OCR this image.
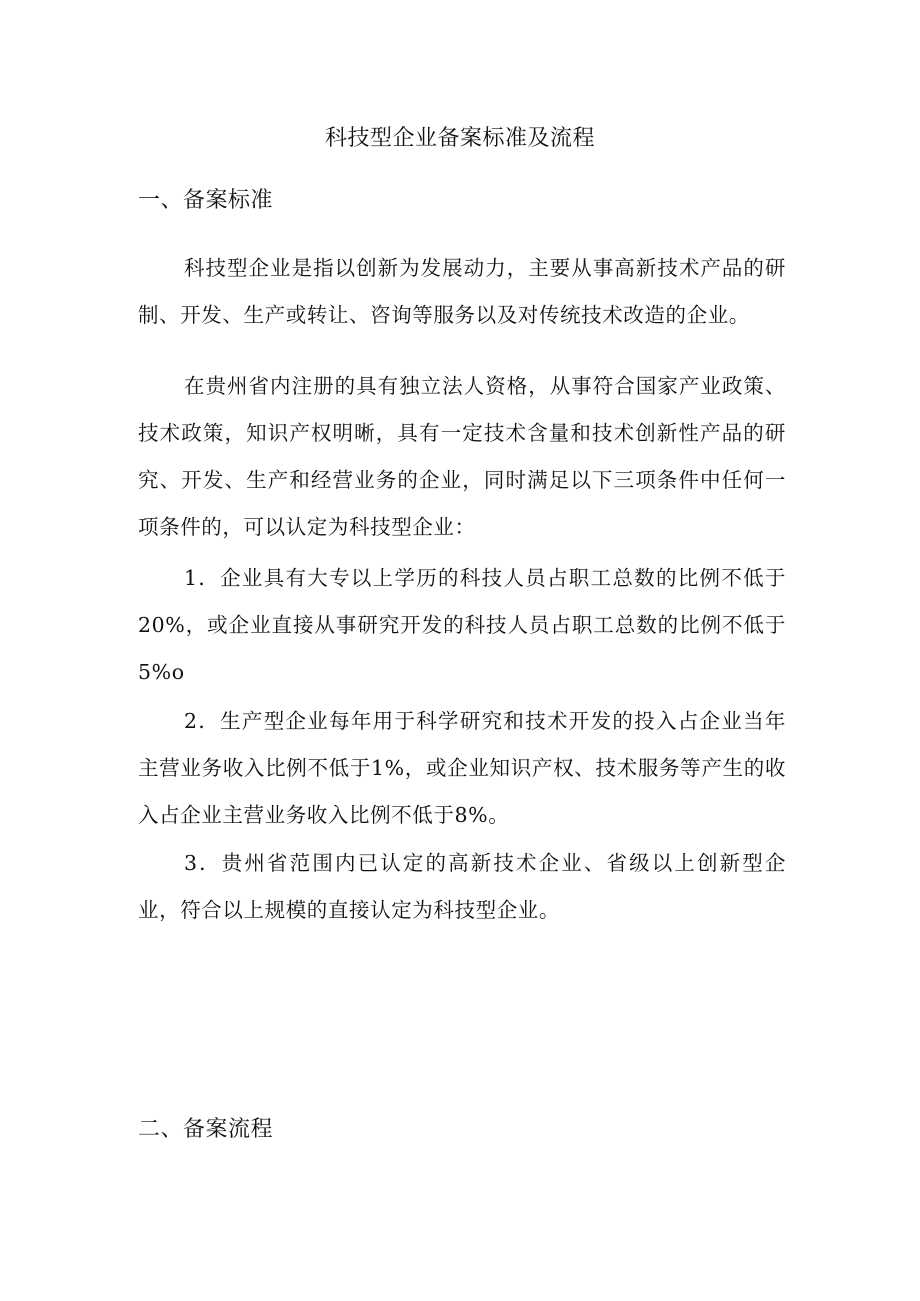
科技型企业备案标准及流程
一、备案标准

科技型企业是指以创新为发展动力，主要从事高新技术产品的研制、开发、生产或转让、咨询等服务以及对传统技术改造的企业。

在贵州省内注册的具有独立法人资格，从事符合国家产业政策、技术政策，知识产权明晰，具有一定技术含量和技术创新性产品的研究、开发、生产和经营业务的企业，同时满足以下三项条件中任何一项条件的，可以认定为科技型企业：

1．企业具有大专以上学历的科技人员占职工总数的比例不低于20%，或企业直接从事研究开发的科技人员占职工总数的比例不低于5%o

2．生产型企业每年用于科学研究和技术开发的投入占企业当年主营业务收入比例不低于1%，或企业知识产权、技术服务等产生的收入占企业主营业务收入比例不低于8%。

3．贵州省范围内已认定的高新技术企业、省级以上创新型企业，符合以上规模的直接认定为科技型企业。

二、备案流程
